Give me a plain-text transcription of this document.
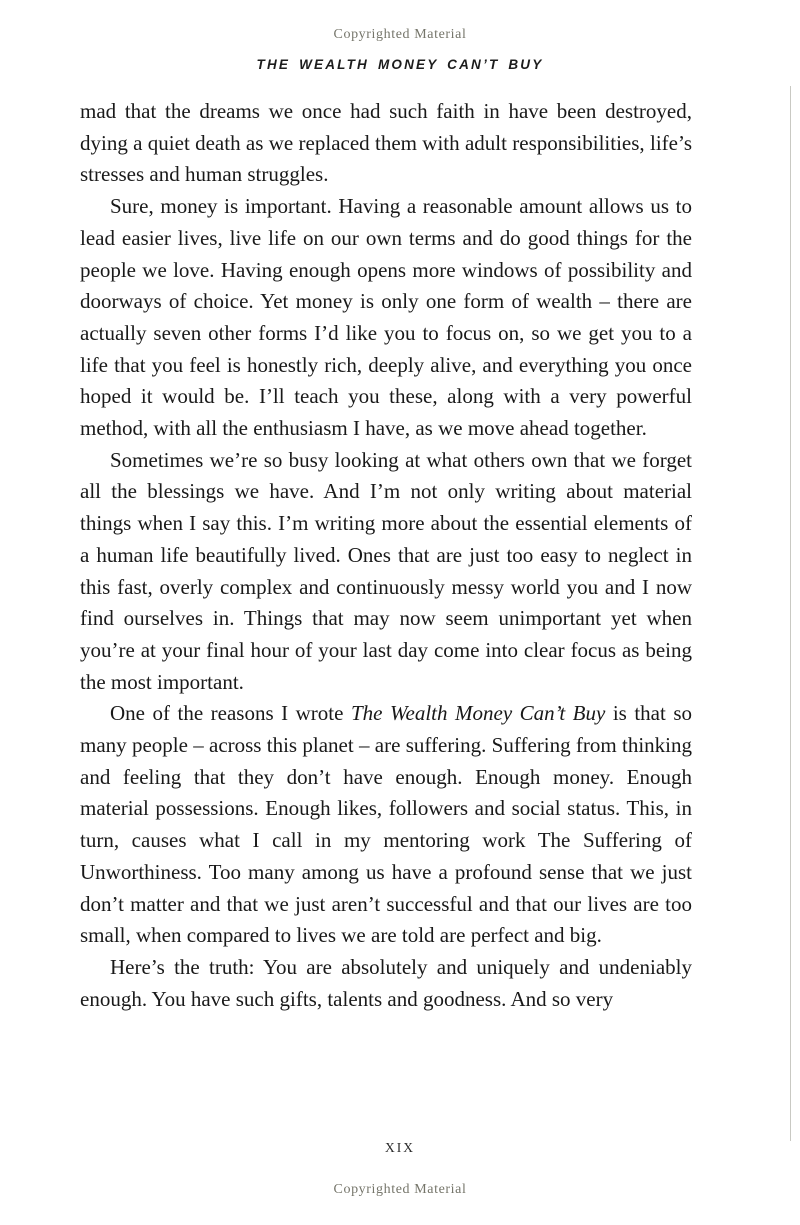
Copyrighted Material
THE WEALTH MONEY CAN’T BUY

mad that the dreams we once had such faith in have been destroyed, dying a quiet death as we replaced them with adult responsibilities, life’s stresses and human struggles.

Sure, money is important. Having a reasonable amount allows us to lead easier lives, live life on our own terms and do good things for the people we love. Having enough opens more windows of possibility and doorways of choice. Yet money is only one form of wealth – there are actually seven other forms I’d like you to focus on, so we get you to a life that you feel is honestly rich, deeply alive, and everything you once hoped it would be. I’ll teach you these, along with a very powerful method, with all the enthusiasm I have, as we move ahead together.

Sometimes we’re so busy looking at what others own that we forget all the blessings we have. And I’m not only writing about material things when I say this. I’m writing more about the essential elements of a human life beautifully lived. Ones that are just too easy to neglect in this fast, overly complex and continuously messy world you and I now find ourselves in. Things that may now seem unimportant yet when you’re at your final hour of your last day come into clear focus as being the most important.

One of the reasons I wrote The Wealth Money Can’t Buy is that so many people – across this planet – are suffering. Suffering from thinking and feeling that they don’t have enough. Enough money. Enough material possessions. Enough likes, followers and social status. This, in turn, causes what I call in my mentoring work The Suffering of Unworthiness. Too many among us have a profound sense that we just don’t matter and that we just aren’t successful and that our lives are too small, when compared to lives we are told are perfect and big.

Here’s the truth: You are absolutely and uniquely and undeniably enough. You have such gifts, talents and goodness. And so very

XIX
Copyrighted Material
